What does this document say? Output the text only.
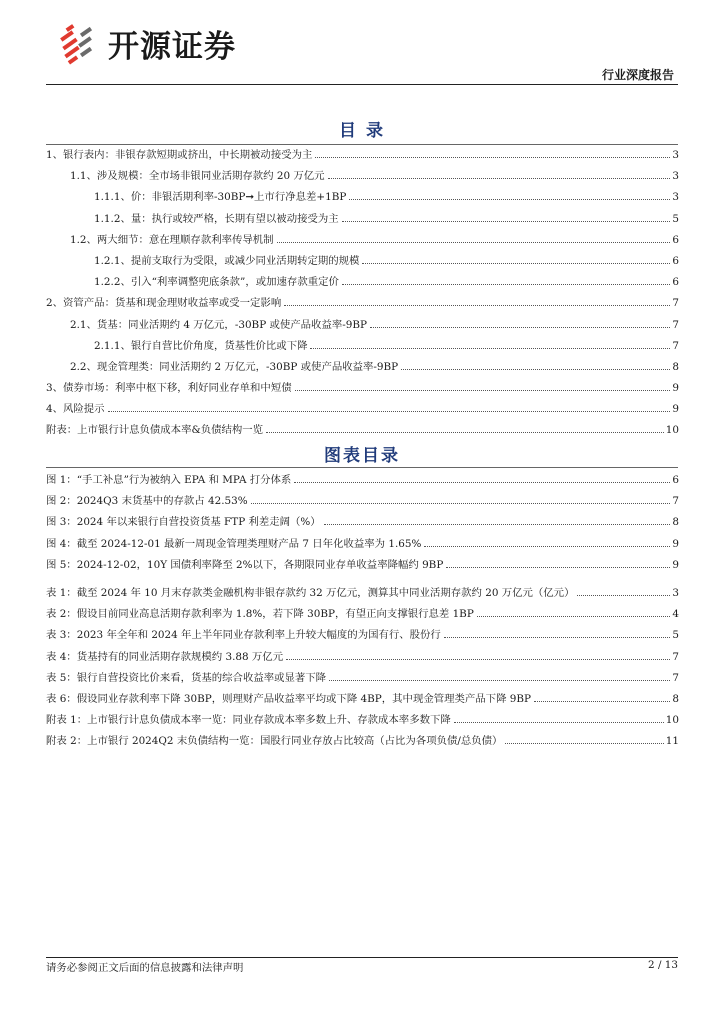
开源证券
行业深度报告
目 录
1、 银行表内：非银存款短期或挤出，中长期被动接受为主	3
1.1、 涉及规模：全市场非银同业活期存款约 20 万亿元	3
1.1.1、 价：非银活期利率-30BP➞上市行净息差+1BP	3
1.1.2、 量：执行或较严格，长期有望以被动接受为主	5
1.2、 两大细节：意在理顺存款利率传导机制	6
1.2.1、 提前支取行为受限，或减少同业活期转定期的规模	6
1.2.2、 引入“利率调整兜底条款”，或加速存款重定价	6
2、 资管产品：货基和现金理财收益率或受一定影响	7
2.1、 货基：同业活期约 4 万亿元，-30BP 或使产品收益率-9BP	7
2.1.1、 银行自营比价角度，货基性价比或下降	7
2.2、 现金管理类：同业活期约 2 万亿元，-30BP 或使产品收益率-9BP	8
3、 债券市场：利率中枢下移，利好同业存单和中短债	9
4、 风险提示	9
附表： 上市银行计息负债成本率&负债结构一览	10
图表目录
图 1： “手工补息”行为被纳入 EPA 和 MPA 打分体系	6
图 2： 2024Q3 末货基中的存款占 42.53%	7
图 3： 2024 年以来银行自营投资货基 FTP 利差走阔（%）	8
图 4： 截至 2024-12-01 最新一周现金管理类理财产品 7 日年化收益率为 1.65%	9
图 5： 2024-12-02，10Y 国债利率降至 2%以下，各期限同业存单收益率降幅约 9BP	9
表 1： 截至 2024 年 10 月末存款类金融机构非银存款约 32 万亿元，测算其中同业活期存款约 20 万亿元（亿元）	3
表 2： 假设目前同业高息活期存款利率为 1.8%，若下降 30BP，有望正向支撑银行息差 1BP	4
表 3： 2023 年全年和 2024 年上半年同业存款利率上升较大幅度的为国有行、股份行	5
表 4： 货基持有的同业活期存款规模约 3.88 万亿元	7
表 5： 银行自营投资比价来看，货基的综合收益率或显著下降	7
表 6： 假设同业存款利率下降 30BP，则理财产品收益率平均或下降 4BP，其中现金管理类产品下降 9BP	8
附表 1： 上市银行计息负债成本率一览：同业存款成本率多数上升、存款成本率多数下降	10
附表 2： 上市银行 2024Q2 末负债结构一览：国股行同业存放占比较高（占比为各项负债/总负债）	11
请务必参阅正文后面的信息披露和法律声明	2 / 13
